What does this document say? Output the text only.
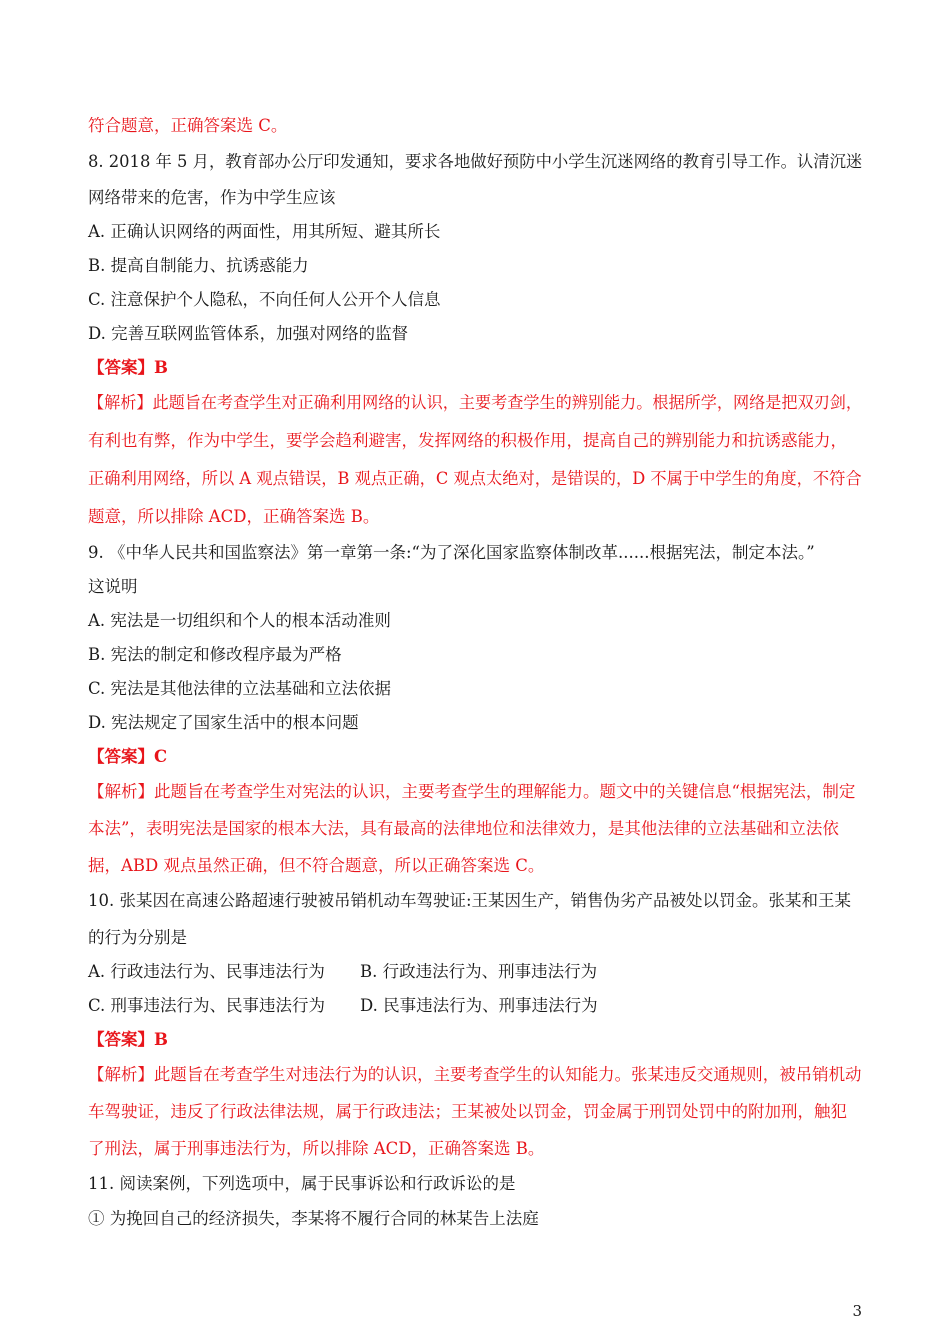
符合题意，正确答案选 C。
8. 2018 年 5 月，教育部办公厅印发通知，要求各地做好预防中小学生沉迷网络的教育引导工作。认清沉迷
网络带来的危害，作为中学生应该
A. 正确认识网络的两面性，用其所短、避其所长
B. 提高自制能力、抗诱惑能力
C. 注意保护个人隐私，不向任何人公开个人信息
D. 完善互联网监管体系，加强对网络的监督
【答案】B
【解析】此题旨在考查学生对正确利用网络的认识，主要考查学生的辨别能力。根据所学，网络是把双刃剑，
有利也有弊，作为中学生，要学会趋利避害，发挥网络的积极作用，提高自己的辨别能力和抗诱惑能力，
正确利用网络，所以 A 观点错误，B 观点正确，C 观点太绝对，是错误的，D 不属于中学生的角度，不符合
题意，所以排除 ACD，正确答案选 B。
9. 《中华人民共和国监察法》第一章第一条:“为了深化国家监察体制改革......根据宪法，制定本法。”
这说明
A. 宪法是一切组织和个人的根本活动准则
B. 宪法的制定和修改程序最为严格
C. 宪法是其他法律的立法基础和立法依据
D. 宪法规定了国家生活中的根本问题
【答案】C
【解析】此题旨在考查学生对宪法的认识，主要考查学生的理解能力。题文中的关键信息“根据宪法，制定
本法”，表明宪法是国家的根本大法，具有最高的法律地位和法律效力，是其他法律的立法基础和立法依
据，ABD 观点虽然正确，但不符合题意，所以正确答案选 C。
10. 张某因在高速公路超速行驶被吊销机动车驾驶证:王某因生产，销售伪劣产品被处以罚金。张某和王某
的行为分别是
A. 行政违法行为、民事违法行为 B. 行政违法行为、刑事违法行为
C. 刑事违法行为、民事违法行为 D. 民事违法行为、刑事违法行为
【答案】B
【解析】此题旨在考查学生对违法行为的认识，主要考查学生的认知能力。张某违反交通规则，被吊销机动
车驾驶证，违反了行政法律法规，属于行政违法；王某被处以罚金，罚金属于刑罚处罚中的附加刑，触犯
了刑法，属于刑事违法行为，所以排除 ACD，正确答案选 B。
11. 阅读案例，下列选项中，属于民事诉讼和行政诉讼的是
① 为挽回自己的经济损失，李某将不履行合同的林某告上法庭
3
